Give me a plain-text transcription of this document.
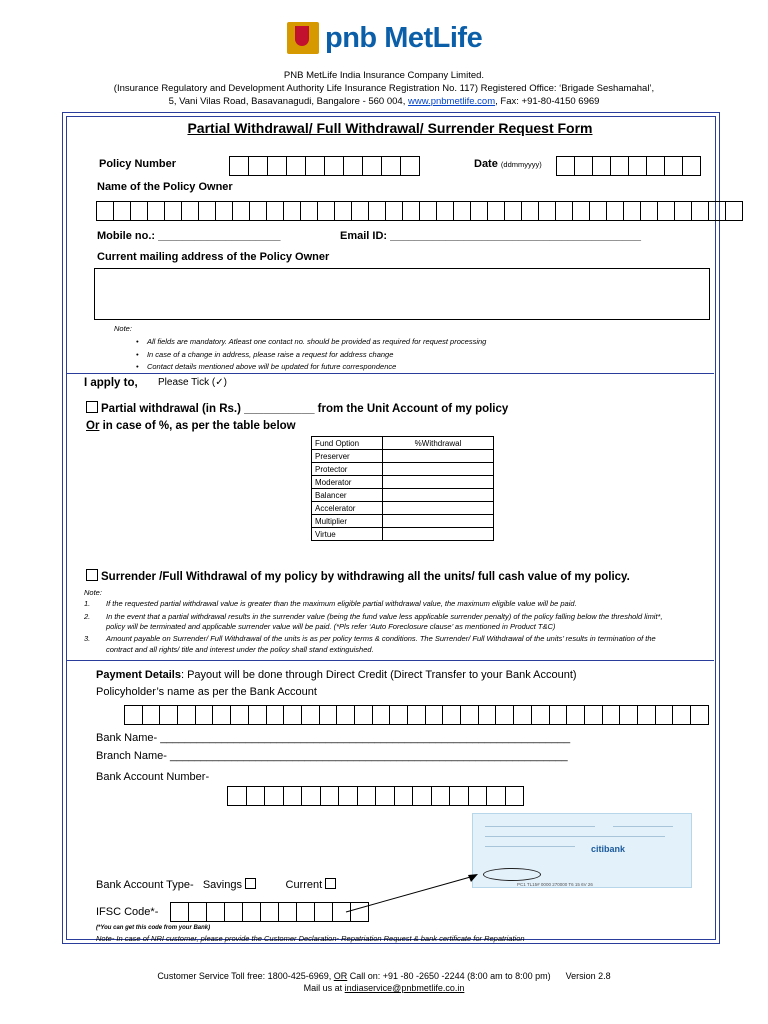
pnb MetLife
PNB MetLife India Insurance Company Limited.
(Insurance Regulatory and Development Authority Life Insurance Registration No. 117) Registered Office: ‘Brigade Seshamahal’,
5, Vani Vilas Road, Basavanagudi, Bangalore - 560 004, www.pnbmetlife.com, Fax: +91-80-4150 6969
Partial Withdrawal/ Full Withdrawal/ Surrender Request Form
Policy Number	Date (ddmmyyyy)
Name of the Policy Owner
Mobile no.: ____________________	Email ID: _________________________________________
Current mailing address of the Policy Owner
Note:
•    All fields are mandatory. Atleast one contact no. should be provided as required for request processing
•    In case of a change in address, please raise a request for address change
•    Contact details mentioned above will be updated for future correspondence
I apply to, Please Tick (✓)
Partial withdrawal (in Rs.) ___________ from the Unit Account of my policy
Or in case of %, as per the table below
Fund Option	%Withdrawal
Preserver	
Protector	
Moderator	
Balancer	
Accelerator	
Multiplier	
Virtue	
Surrender /Full Withdrawal of my policy by withdrawing all the units/ full cash value of my policy.
Note:
1. If the requested partial withdrawal value is greater than the maximum eligible partial withdrawal value, the maximum eligible value will be paid.
2. In the event that a partial withdrawal results in the surrender value (being the fund value less applicable surrender penalty) of the policy falling below the threshold limit*,
policy will be terminated and applicable surrender value will be paid. (*Pls refer ‘Auto Foreclosure clause’ as mentioned in Product T&C)
3. Amount payable on Surrender/ Full Withdrawal of the units is as per policy terms & conditions. The Surrender/ Full Withdrawal of the units’ results in termination of the
contract and all rights/ title and interest under the policy shall stand extinguished.
Payment Details: Payout will be done through Direct Credit (Direct Transfer to your Bank Account)
Policyholder’s name as per the Bank Account
Bank Name- ___________________________________________________________________
Branch Name- _________________________________________________________________
Bank Account Number-
citibank
PC1 TL15# 0000 270000 T6 15 6V 26
Bank Account Type- Savings	Current
IFSC Code*-
(*You can get this code from your Bank)
Note- In case of NRI customer, please provide the Customer Declaration- Repatriation Request & bank certificate for Repatriation
Customer Service Toll free: 1800-425-6969, OR Call on: +91 -80 -2650 -2244 (8:00 am to 8:00 pm) Version 2.8
Mail us at indiaservice@pnbmetlife.co.in
